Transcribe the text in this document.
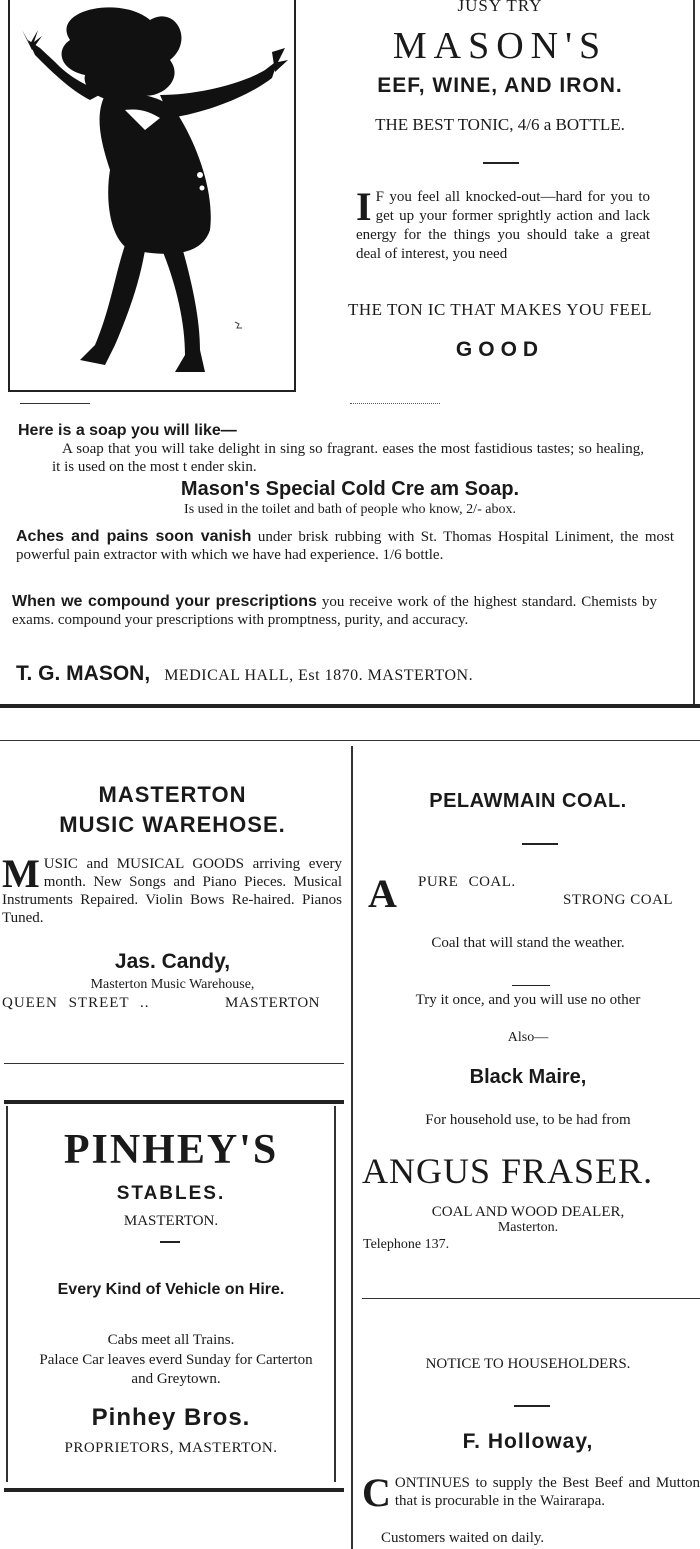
JUSY TRY
MASON'S
EEF, WINE, AND IRON.
THE BEST TONIC, 4/6 a BOTTLE.
I F you feel all knocked-out—hard for you to get up your former sprightly action and lack energy for the things you should take a great deal of interest, you need
THE TON IC THAT MAKES YOU FEEL
GOOD
Here is a soap you will like—
A soap that you will take delight in sing so fragrant. eases the most fastidious tastes; so healing, it is used on the most t ender skin.
Mason's Special Cold Cre am Soap.
Is used in the toilet and bath of people who know, 2/- abox.
Aches and pains soon vanish under brisk rubbing with St. Thomas Hospital Liniment, the most powerful pain extractor with which we have had experience. 1/6 bottle.
When we compound your prescriptions you receive work of the highest standard. Chemists by exams. compound your prescriptions with promptness, purity, and accuracy.
T. G. MASON, MEDICAL HALL, Est 1870. MASTERTON.
MASTERTON
MUSIC WAREHOSE.
MUSIC and MUSICAL GOODS arriving every month. New Songs and Piano Pieces. Musical Instruments Repaired. Violin Bows Re-haired. Pianos Tuned.
Jas. Candy,
Masterton Music Warehouse,
QUEEN STREET ..	MASTERTON
PINHEY'S
STABLES.
MASTERTON.
Every Kind of Vehicle on Hire.
Cabs meet all Trains.
Palace Car leaves everd Sunday for Carterton and Greytown.
Pinhey Bros.
PROPRIETORS, MASTERTON.
PELAWMAIN COAL.
A PURE COAL.
STRONG COAL
Coal that will stand the weather.
Try it once, and you will use no other
Also—
Black Maire,
For household use, to be had from
ANGUS FRASER.
COAL AND WOOD DEALER,
Masterton.
Telephone 137.
NOTICE TO HOUSEHOLDERS.
F. Holloway,
CONTINUES to supply the Best Beef and Mutton that is procurable in the Wairarapa.
Customers waited on daily.
